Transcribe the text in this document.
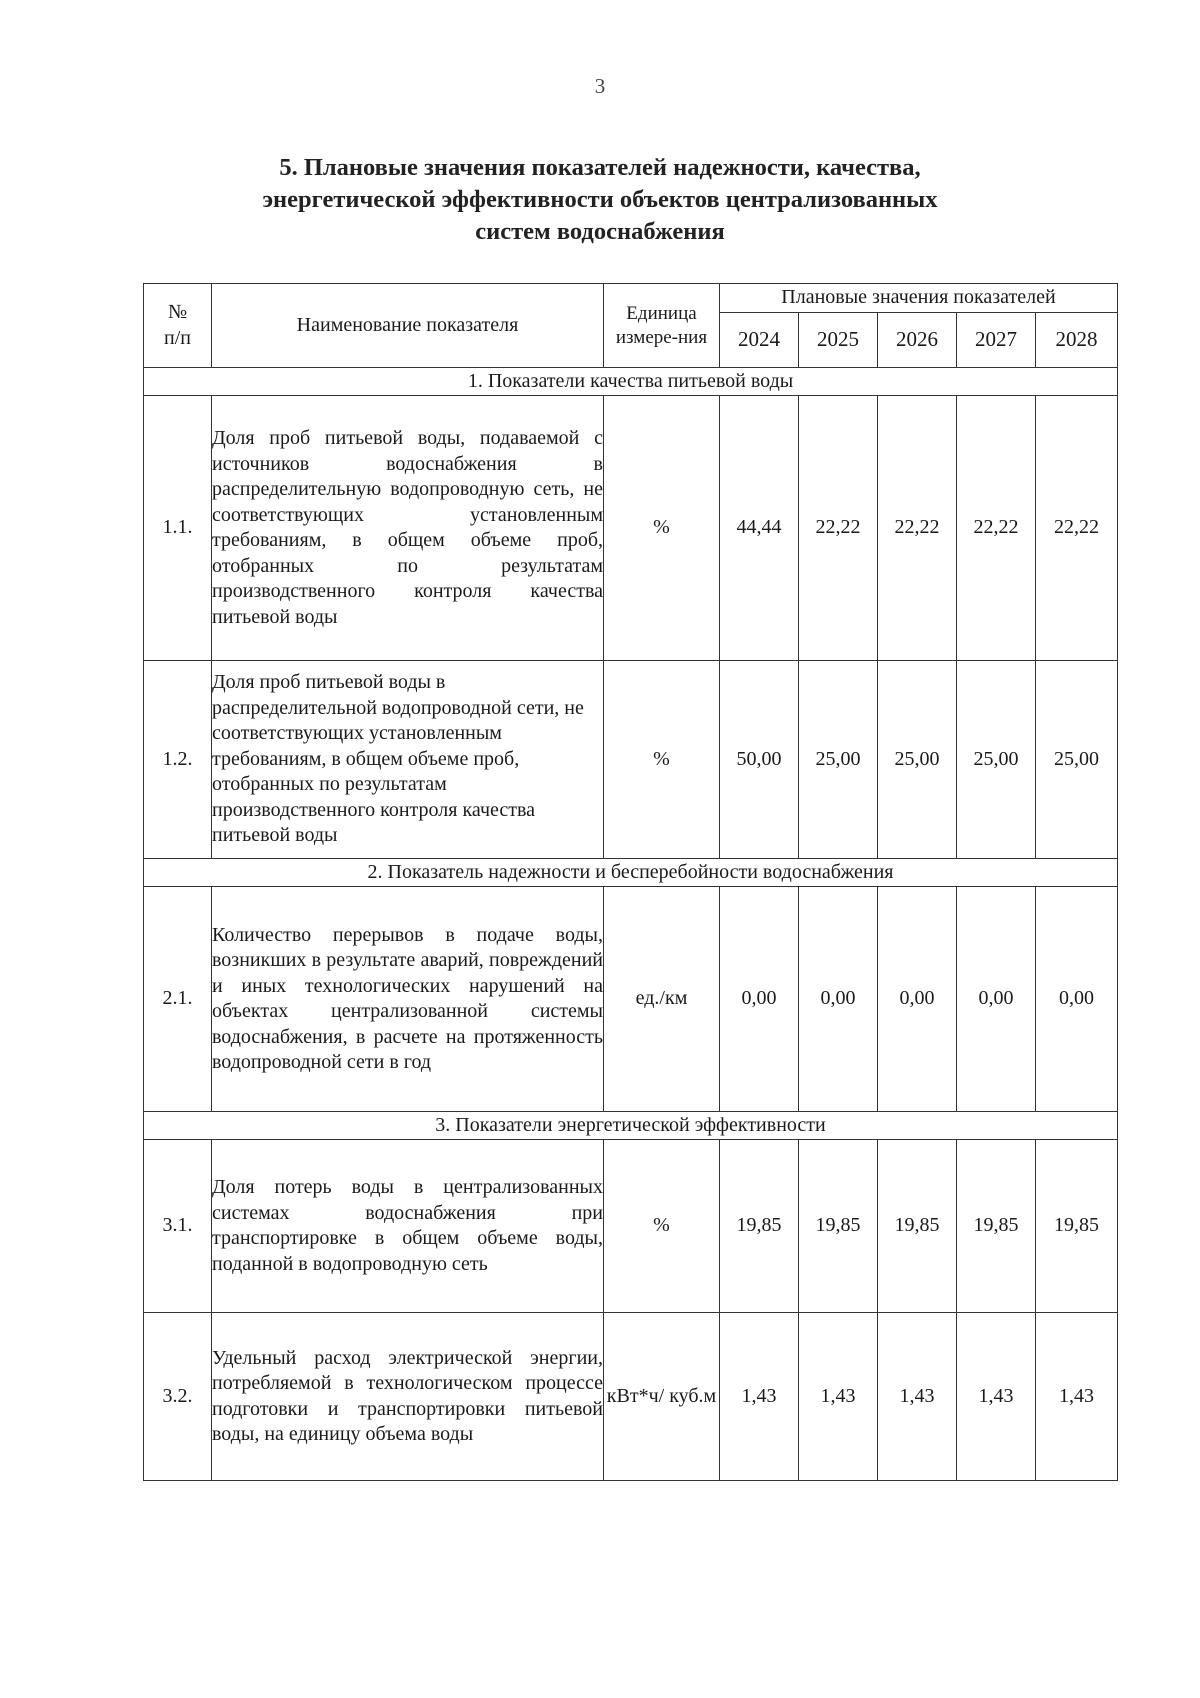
3
5. Плановые значения показателей надежности, качества,
энергетической эффективности объектов централизованных
систем водоснабжения
№
п/п	Наименование показателя	Единица измере-ния	Плановые значения показателей				
			2024	2025	2026	2027	2028
1. Показатели качества питьевой воды							
1.1.	Доля проб питьевой воды, подаваемой с источников водоснабжения в распределительную водопроводную сеть, не соответствующих установленным требованиям, в общем объеме проб, отобранных по результатам производственного контроля качества питьевой воды	%	44,44	22,22	22,22	22,22	22,22
1.2.	Доля проб питьевой воды в распределительной водопроводной сети, не соответствующих установленным требованиям, в общем объеме проб, отобранных по результатам производственного контроля качества питьевой воды	%	50,00	25,00	25,00	25,00	25,00
2. Показатель надежности и бесперебойности водоснабжения							
2.1.	Количество перерывов в подаче воды, возникших в результате аварий, повреждений и иных технологических нарушений на объектах централизованной системы водоснабжения, в расчете на протяженность водопроводной сети в год	ед./км	0,00	0,00	0,00	0,00	0,00
3. Показатели энергетической эффективности							
3.1.	Доля потерь воды в централизованных системах водоснабжения при транспортировке в общем объеме воды, поданной в водопроводную сеть	%	19,85	19,85	19,85	19,85	19,85
3.2.	Удельный расход электрической энергии, потребляемой в технологическом процессе подготовки и транспортировки питьевой воды, на единицу объема воды	кВт*ч/ куб.м	1,43	1,43	1,43	1,43	1,43
